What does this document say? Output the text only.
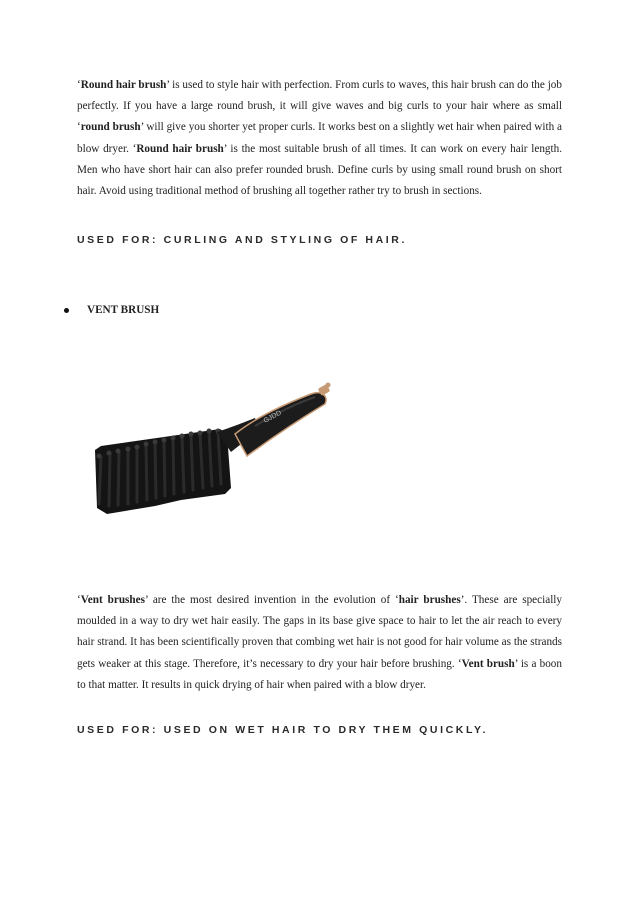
‘Round hair brush’ is used to style hair with perfection. From curls to waves, this hair brush can do the job perfectly. If you have a large round brush, it will give waves and big curls to your hair where as small ‘round brush’ will give you shorter yet proper curls. It works best on a slightly wet hair when paired with a blow dryer. ‘Round hair brush’ is the most suitable brush of all times. It can work on every hair length. Men who have short hair can also prefer rounded brush. Define curls by using small round brush on short hair. Avoid using traditional method of brushing all together rather try to brush in sections.

USED FOR: CURLING AND STYLING OF HAIR.
VENT BRUSH
GJDD

‘Vent brushes’ are the most desired invention in the evolution of ‘hair brushes’. These are specially moulded in a way to dry wet hair easily. The gaps in its base give space to hair to let the air reach to every hair strand. It has been scientifically proven that combing wet hair is not good for hair volume as the strands gets weaker at this stage. Therefore, it’s necessary to dry your hair before brushing. ‘Vent brush’ is a boon to that matter. It results in quick drying of hair when paired with a blow dryer.

USED FOR: USED ON WET HAIR TO DRY THEM QUICKLY.
